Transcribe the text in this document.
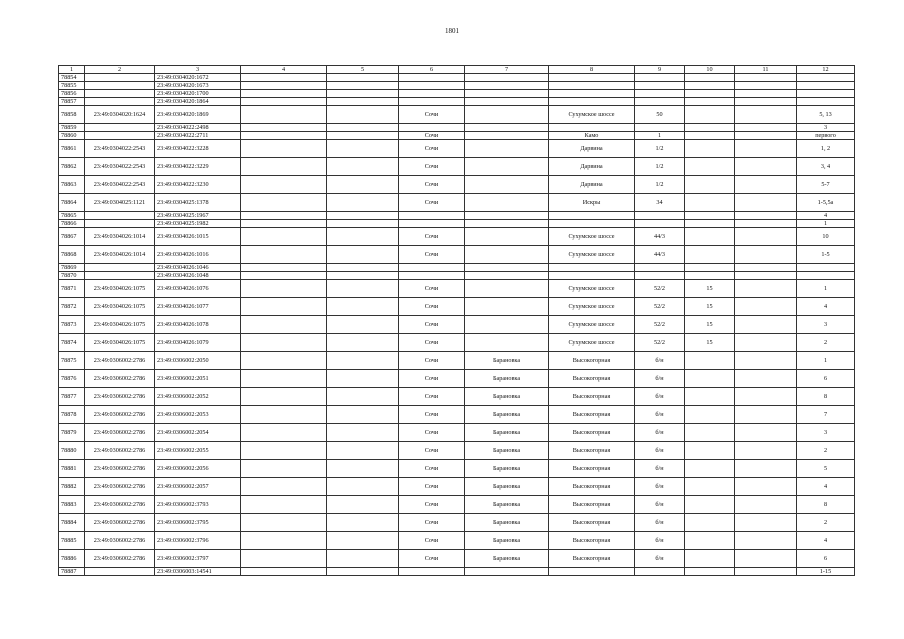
1801
1	2	3	4	5	6	7	8	9	10	11	12
78854		23:49:0304020:1672									
78855		23:49:0304020:1673									
78856		23:49:0304020:1700									
78857		23:49:0304020:1864									
78858	23:49:0304020:1624	23:49:0304020:1869			Сочи		Сухумское шоссе	50			5, 13
78859		23:49:0304022:2498									3
78860		23:49:0304022:2711			Сочи		Камо	1			первого
78861	23:49:0304022:2543	23:49:0304022:3228			Сочи		Дарвина	1/2			1, 2
78862	23:49:0304022:2543	23:49:0304022:3229			Сочи		Дарвина	1/2			3, 4
78863	23:49:0304022:2543	23:49:0304022:3230			Сочи		Дарвина	1/2			5-7
78864	23:49:0304025:1121	23:49:0304025:1378			Сочи		Искры	34			1-5,5а
78865		23:49:0304025:1967									4
78866		23:49:0304025:1982									1
78867	23:49:0304026:1014	23:49:0304026:1015			Сочи		Сухумское шоссе	44/3			10
78868	23:49:0304026:1014	23:49:0304026:1016			Сочи		Сухумское шоссе	44/3			1-5
78869		23:49:0304026:1046									
78870		23:49:0304026:1048									
78871	23:49:0304026:1075	23:49:0304026:1076			Сочи		Сухумское шоссе	52/2	15		1
78872	23:49:0304026:1075	23:49:0304026:1077			Сочи		Сухумское шоссе	52/2	15		4
78873	23:49:0304026:1075	23:49:0304026:1078			Сочи		Сухумское шоссе	52/2	15		3
78874	23:49:0304026:1075	23:49:0304026:1079			Сочи		Сухумское шоссе	52/2	15		2
78875	23:49:0306002:2786	23:49:0306002:2050			Сочи	Барановка	Высокогорная	б/н			1
78876	23:49:0306002:2786	23:49:0306002:2051			Сочи	Барановка	Высокогорная	б/н			6
78877	23:49:0306002:2786	23:49:0306002:2052			Сочи	Барановка	Высокогорная	б/н			8
78878	23:49:0306002:2786	23:49:0306002:2053			Сочи	Барановка	Высокогорная	б/н			7
78879	23:49:0306002:2786	23:49:0306002:2054			Сочи	Барановка	Высокогорная	б/н			3
78880	23:49:0306002:2786	23:49:0306002:2055			Сочи	Барановка	Высокогорная	б/н			2
78881	23:49:0306002:2786	23:49:0306002:2056			Сочи	Барановка	Высокогорная	б/н			5
78882	23:49:0306002:2786	23:49:0306002:2057			Сочи	Барановка	Высокогорная	б/н			4
78883	23:49:0306002:2786	23:49:0306002:3793			Сочи	Барановка	Высокогорная	б/н			8
78884	23:49:0306002:2786	23:49:0306002:3795			Сочи	Барановка	Высокогорная	б/н			2
78885	23:49:0306002:2786	23:49:0306002:3796			Сочи	Барановка	Высокогорная	б/н			4
78886	23:49:0306002:2786	23:49:0306002:3797			Сочи	Барановка	Высокогорная	б/н			6
78887		23:49:0306003:14541									1-15
